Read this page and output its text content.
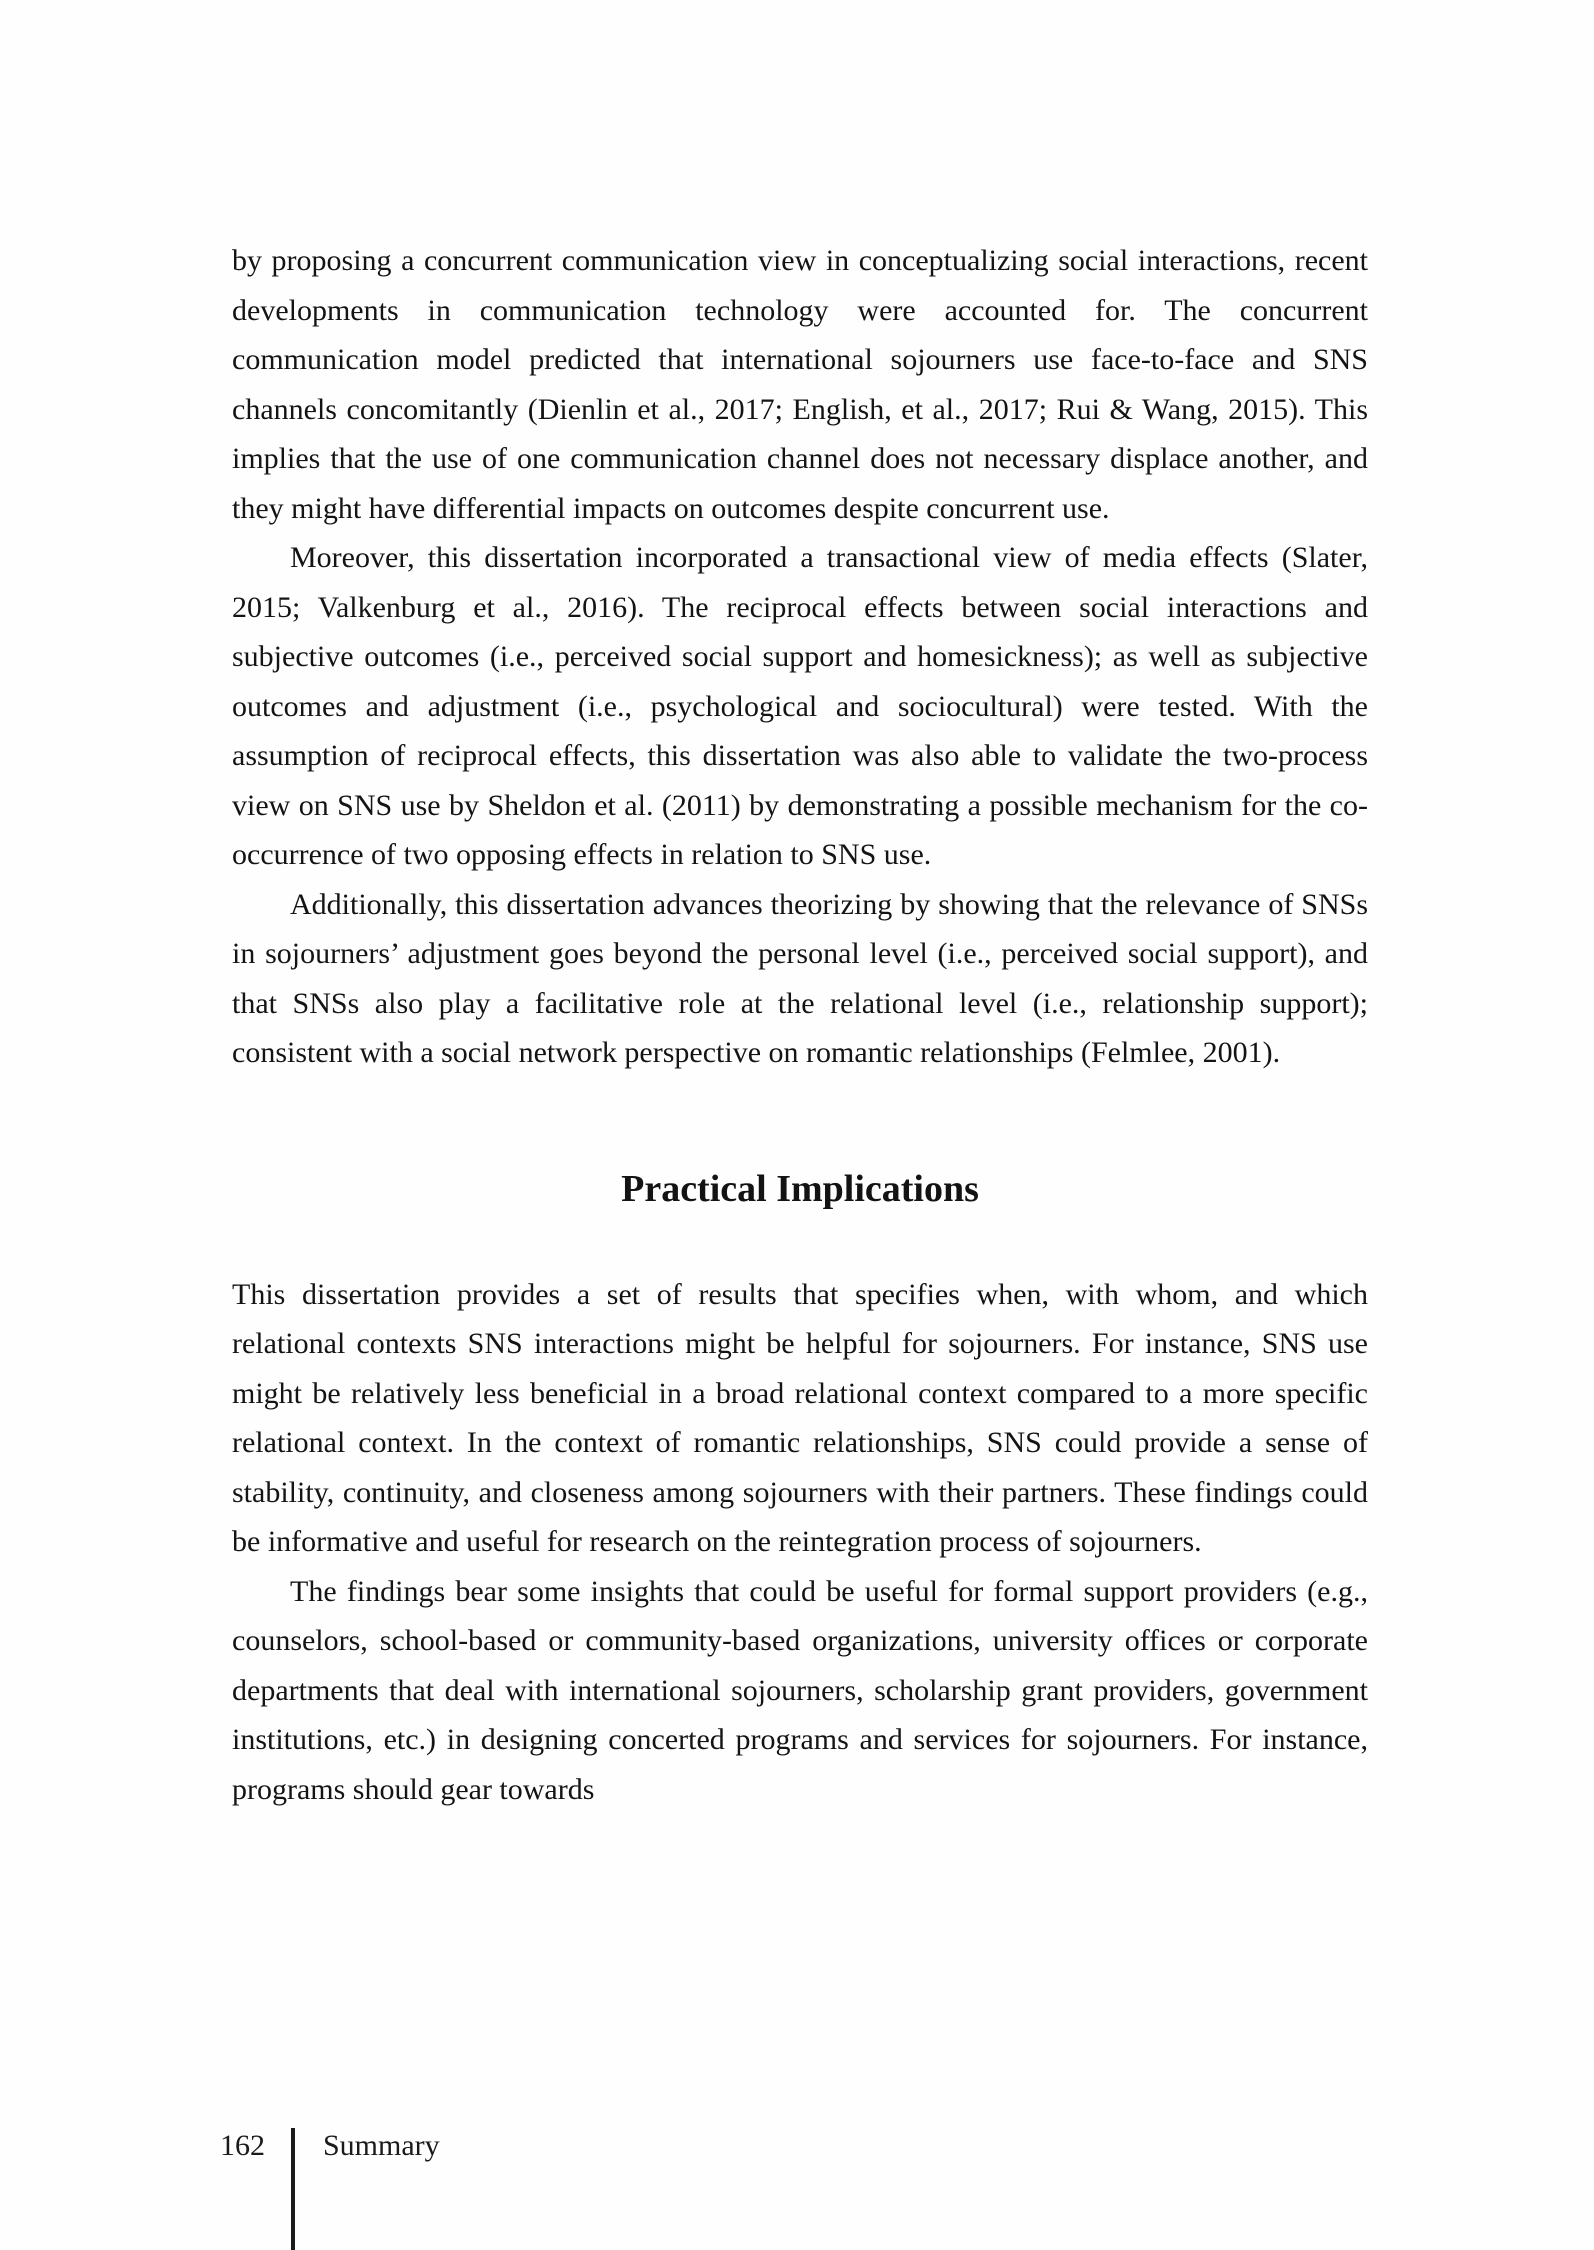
by proposing a concurrent communication view in conceptualizing social interactions, recent developments in communication technology were accounted for. The concurrent communication model predicted that international sojourners use face-to-face and SNS channels concomitantly (Dienlin et al., 2017; English, et al., 2017; Rui & Wang, 2015). This implies that the use of one communication channel does not necessary displace another, and they might have differential impacts on outcomes despite concurrent use.

Moreover, this dissertation incorporated a transactional view of media effects (Slater, 2015; Valkenburg et al., 2016). The reciprocal effects between social interactions and subjective outcomes (i.e., perceived social support and homesickness); as well as subjective outcomes and adjustment (i.e., psychological and sociocultural) were tested. With the assumption of reciprocal effects, this dissertation was also able to validate the two-process view on SNS use by Sheldon et al. (2011) by demonstrating a possible mechanism for the co-occurrence of two opposing effects in relation to SNS use.

Additionally, this dissertation advances theorizing by showing that the relevance of SNSs in sojourners’ adjustment goes beyond the personal level (i.e., perceived social support), and that SNSs also play a facilitative role at the relational level (i.e., relationship support); consistent with a social network perspective on romantic relationships (Felmlee, 2001).

Practical Implications

This dissertation provides a set of results that specifies when, with whom, and which relational contexts SNS interactions might be helpful for sojourners. For instance, SNS use might be relatively less beneficial in a broad relational context compared to a more specific relational context. In the context of romantic relationships, SNS could provide a sense of stability, continuity, and closeness among sojourners with their partners. These findings could be informative and useful for research on the reintegration process of sojourners.

The findings bear some insights that could be useful for formal support providers (e.g., counselors, school-based or community-based organizations, university offices or corporate departments that deal with international sojourners, scholarship grant providers, government institutions, etc.) in designing concerted programs and services for sojourners. For instance, programs should gear towards

162 Summary
